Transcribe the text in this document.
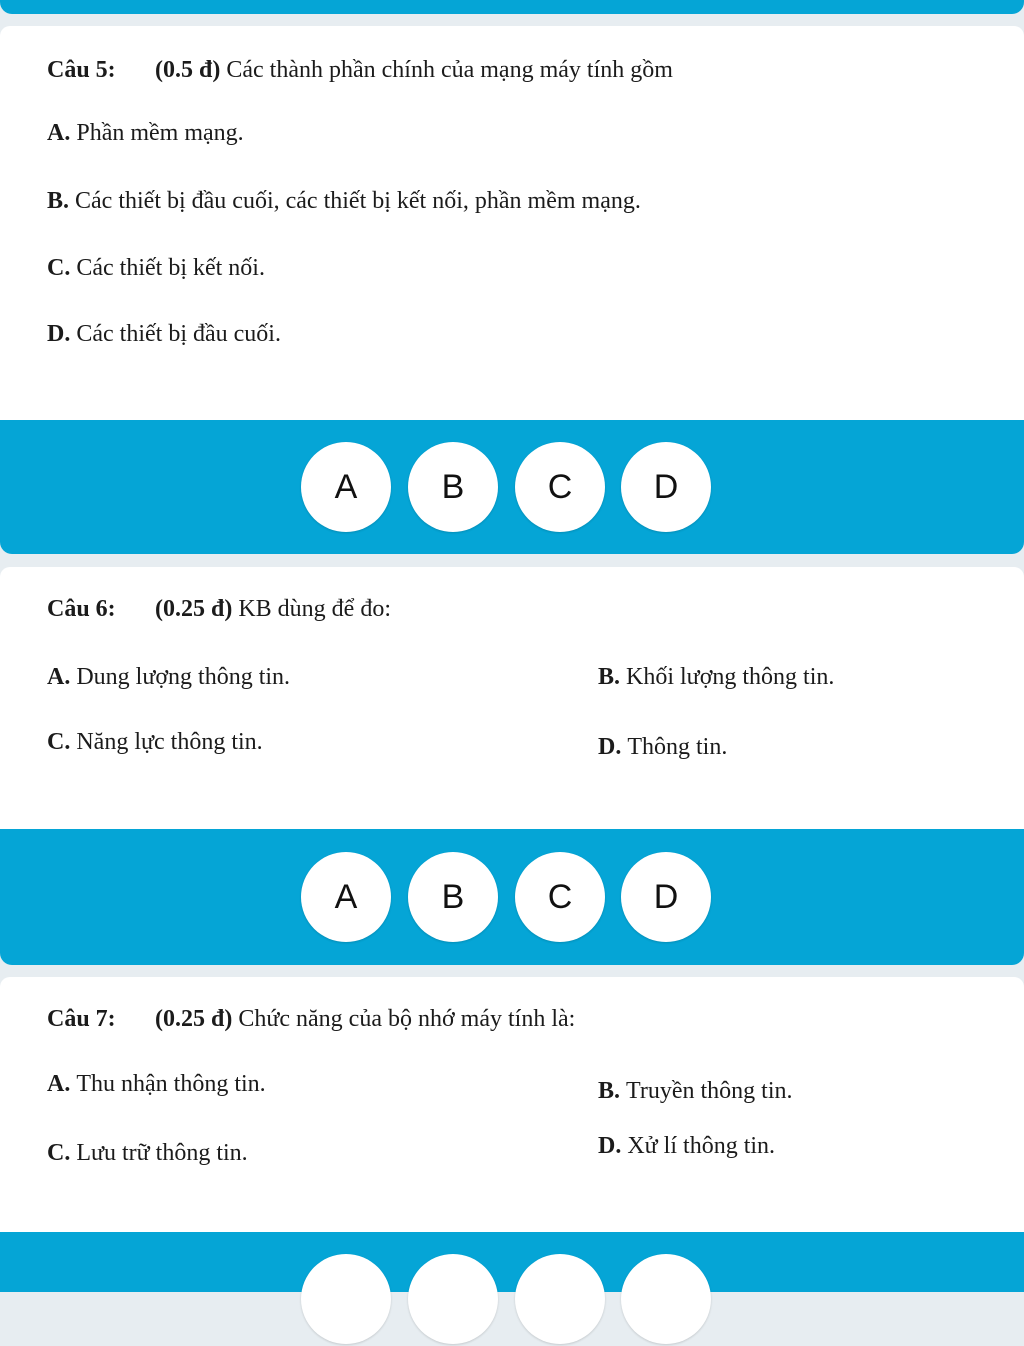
Câu 5: (0.5 đ) Các thành phần chính của mạng máy tính gồm
A. Phần mềm mạng.
B. Các thiết bị đầu cuối, các thiết bị kết nối, phần mềm mạng.
C. Các thiết bị kết nối.
D. Các thiết bị đầu cuối.
A	B	C	D
Câu 6: (0.25 đ) KB dùng để đo:
A. Dung lượng thông tin.	B. Khối lượng thông tin.
C. Năng lực thông tin.	D. Thông tin.
A	B	C	D
Câu 7: (0.25 đ) Chức năng của bộ nhớ máy tính là:
A. Thu nhận thông tin.	B. Truyền thông tin.
C. Lưu trữ thông tin.	D. Xử lí thông tin.
